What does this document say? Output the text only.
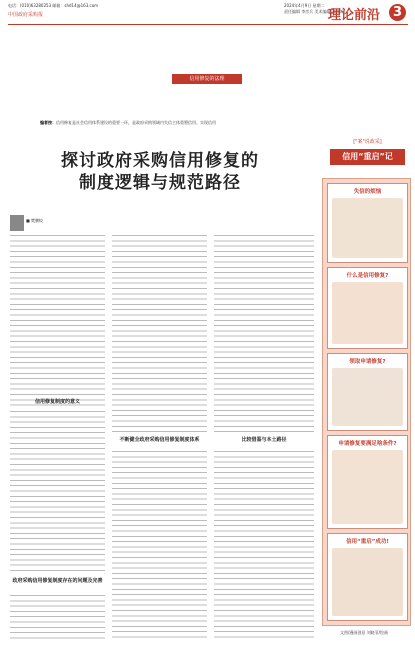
电话：(010)63280253 邮箱：shd14@163.com
中国政府采购报
2024年4月9日 星期二
责任编辑 李彦兵 美术编辑 张海婷
理论前沿 3
信用修复的法理
编者按：信用修复是社会信用体系建设的重要一环，是政府采购领域内失信主体重塑信用、实现信用
探讨政府采购信用修复的
制度逻辑与规范路径
■ 樊鹏蛟
信用修复制度的意义
政府采购信用修复制度存在的问题及完善
不断健全政府采购信用修复制度体系	比较借鉴与本土路径
["案"说政采]
信用“重启”记
失信的烦恼
什么是信用修复?
领取申请修复?
申请修复要满足啥条件?
信用“重启”成功!
文图/漫画创意 刘晓菲/绘画
